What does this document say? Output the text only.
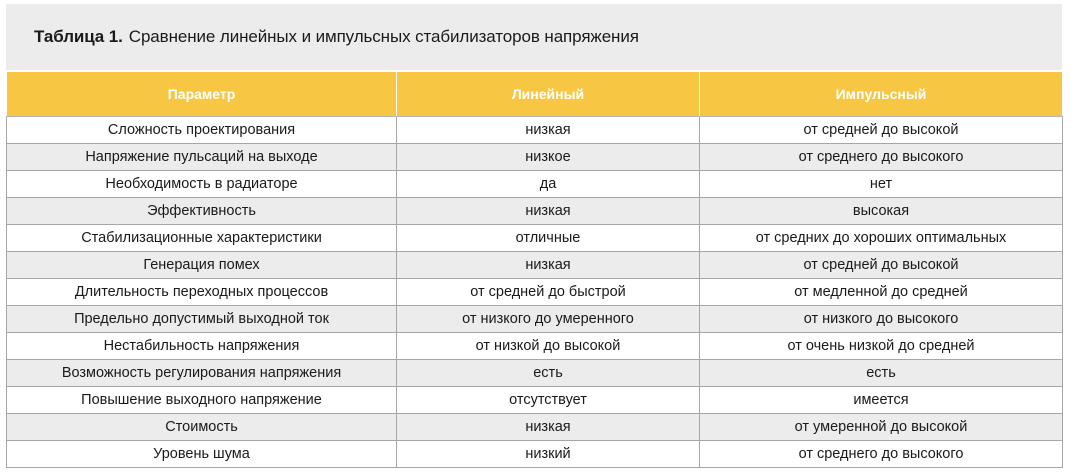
Таблица 1. Сравнение линейных и импульсных стабилизаторов напряжения
Параметр	Линейный	Импульсный
Сложность проектирования	низкая	от средней до высокой
Напряжение пульсаций на выходе	низкое	от среднего до высокого
Необходимость в радиаторе	да	нет
Эффективность	низкая	высокая
Стабилизационные характеристики	отличные	от средних до хороших оптимальных
Генерация помех	низкая	от средней до высокой
Длительность переходных процессов	от средней до быстрой	от медленной до средней
Предельно допустимый выходной ток	от низкого до умеренного	от низкого до высокого
Нестабильность напряжения	от низкой до высокой	от очень низкой до средней
Возможность регулирования напряжения	есть	есть
Повышение выходного напряжение	отсутствует	имеется
Стоимость	низкая	от умеренной до высокой
Уровень шума	низкий	от среднего до высокого
